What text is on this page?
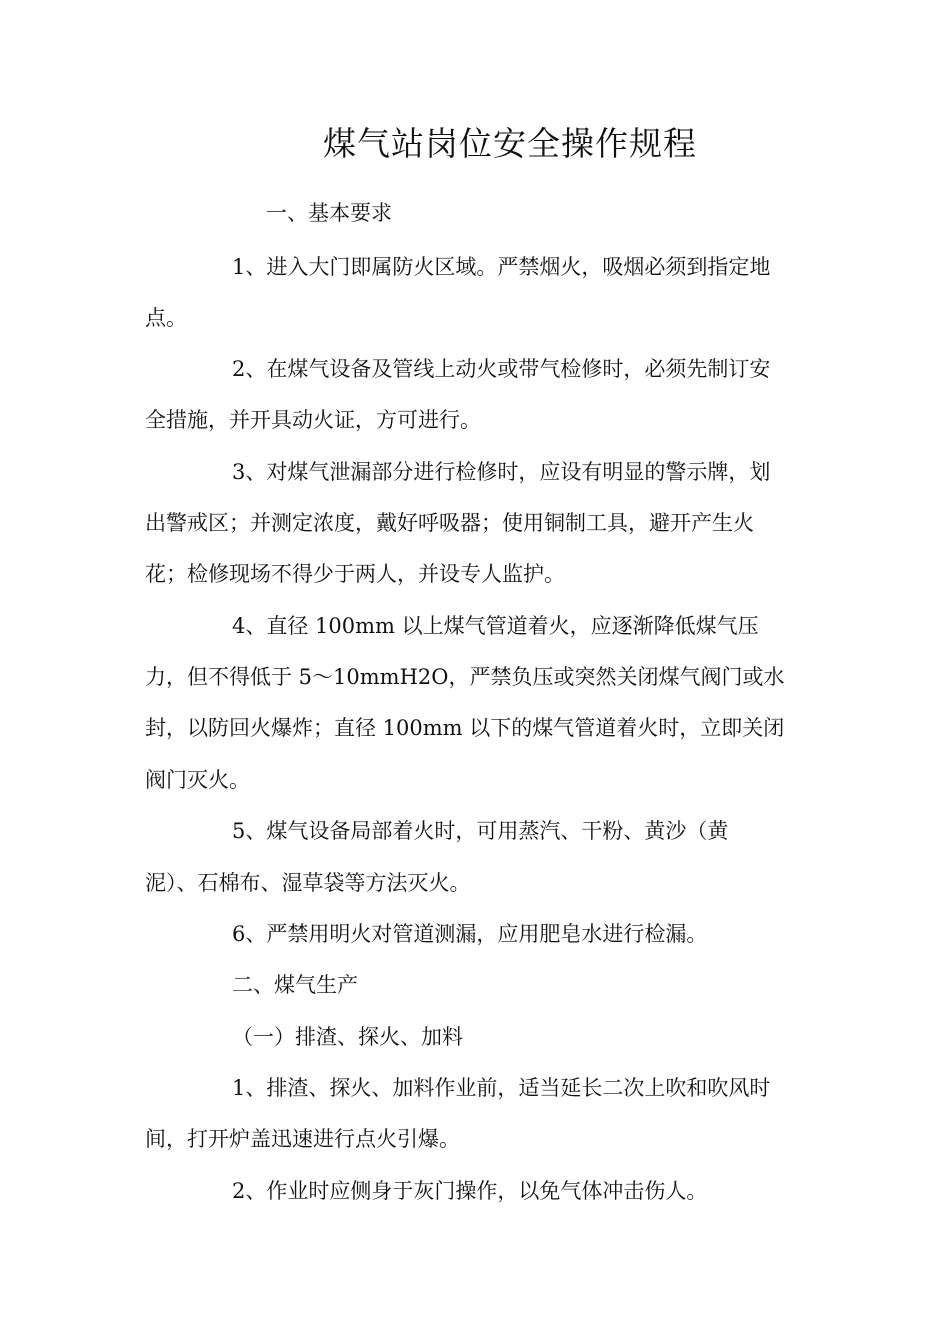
煤气站岗位安全操作规程
一、基本要求
1、进入大门即属防火区域。严禁烟火，吸烟必须到指定地
点。
2、在煤气设备及管线上动火或带气检修时，必须先制订安
全措施，并开具动火证，方可进行。
3、对煤气泄漏部分进行检修时，应设有明显的警示牌，划
出警戒区；并测定浓度，戴好呼吸器；使用铜制工具，避开产生火
花；检修现场不得少于两人，并设专人监护。
4、直径 100mm 以上煤气管道着火，应逐渐降低煤气压
力，但不得低于 5～10mmH2O，严禁负压或突然关闭煤气阀门或水
封，以防回火爆炸；直径 100mm 以下的煤气管道着火时，立即关闭
阀门灭火。
5、煤气设备局部着火时，可用蒸汽、干粉、黄沙（黄
泥）、石棉布、湿草袋等方法灭火。
6、严禁用明火对管道测漏，应用肥皂水进行检漏。
二、煤气生产
（一）排渣、探火、加料
1、排渣、探火、加料作业前，适当延长二次上吹和吹风时
间，打开炉盖迅速进行点火引爆。
2、作业时应侧身于灰门操作，以免气体冲击伤人。
